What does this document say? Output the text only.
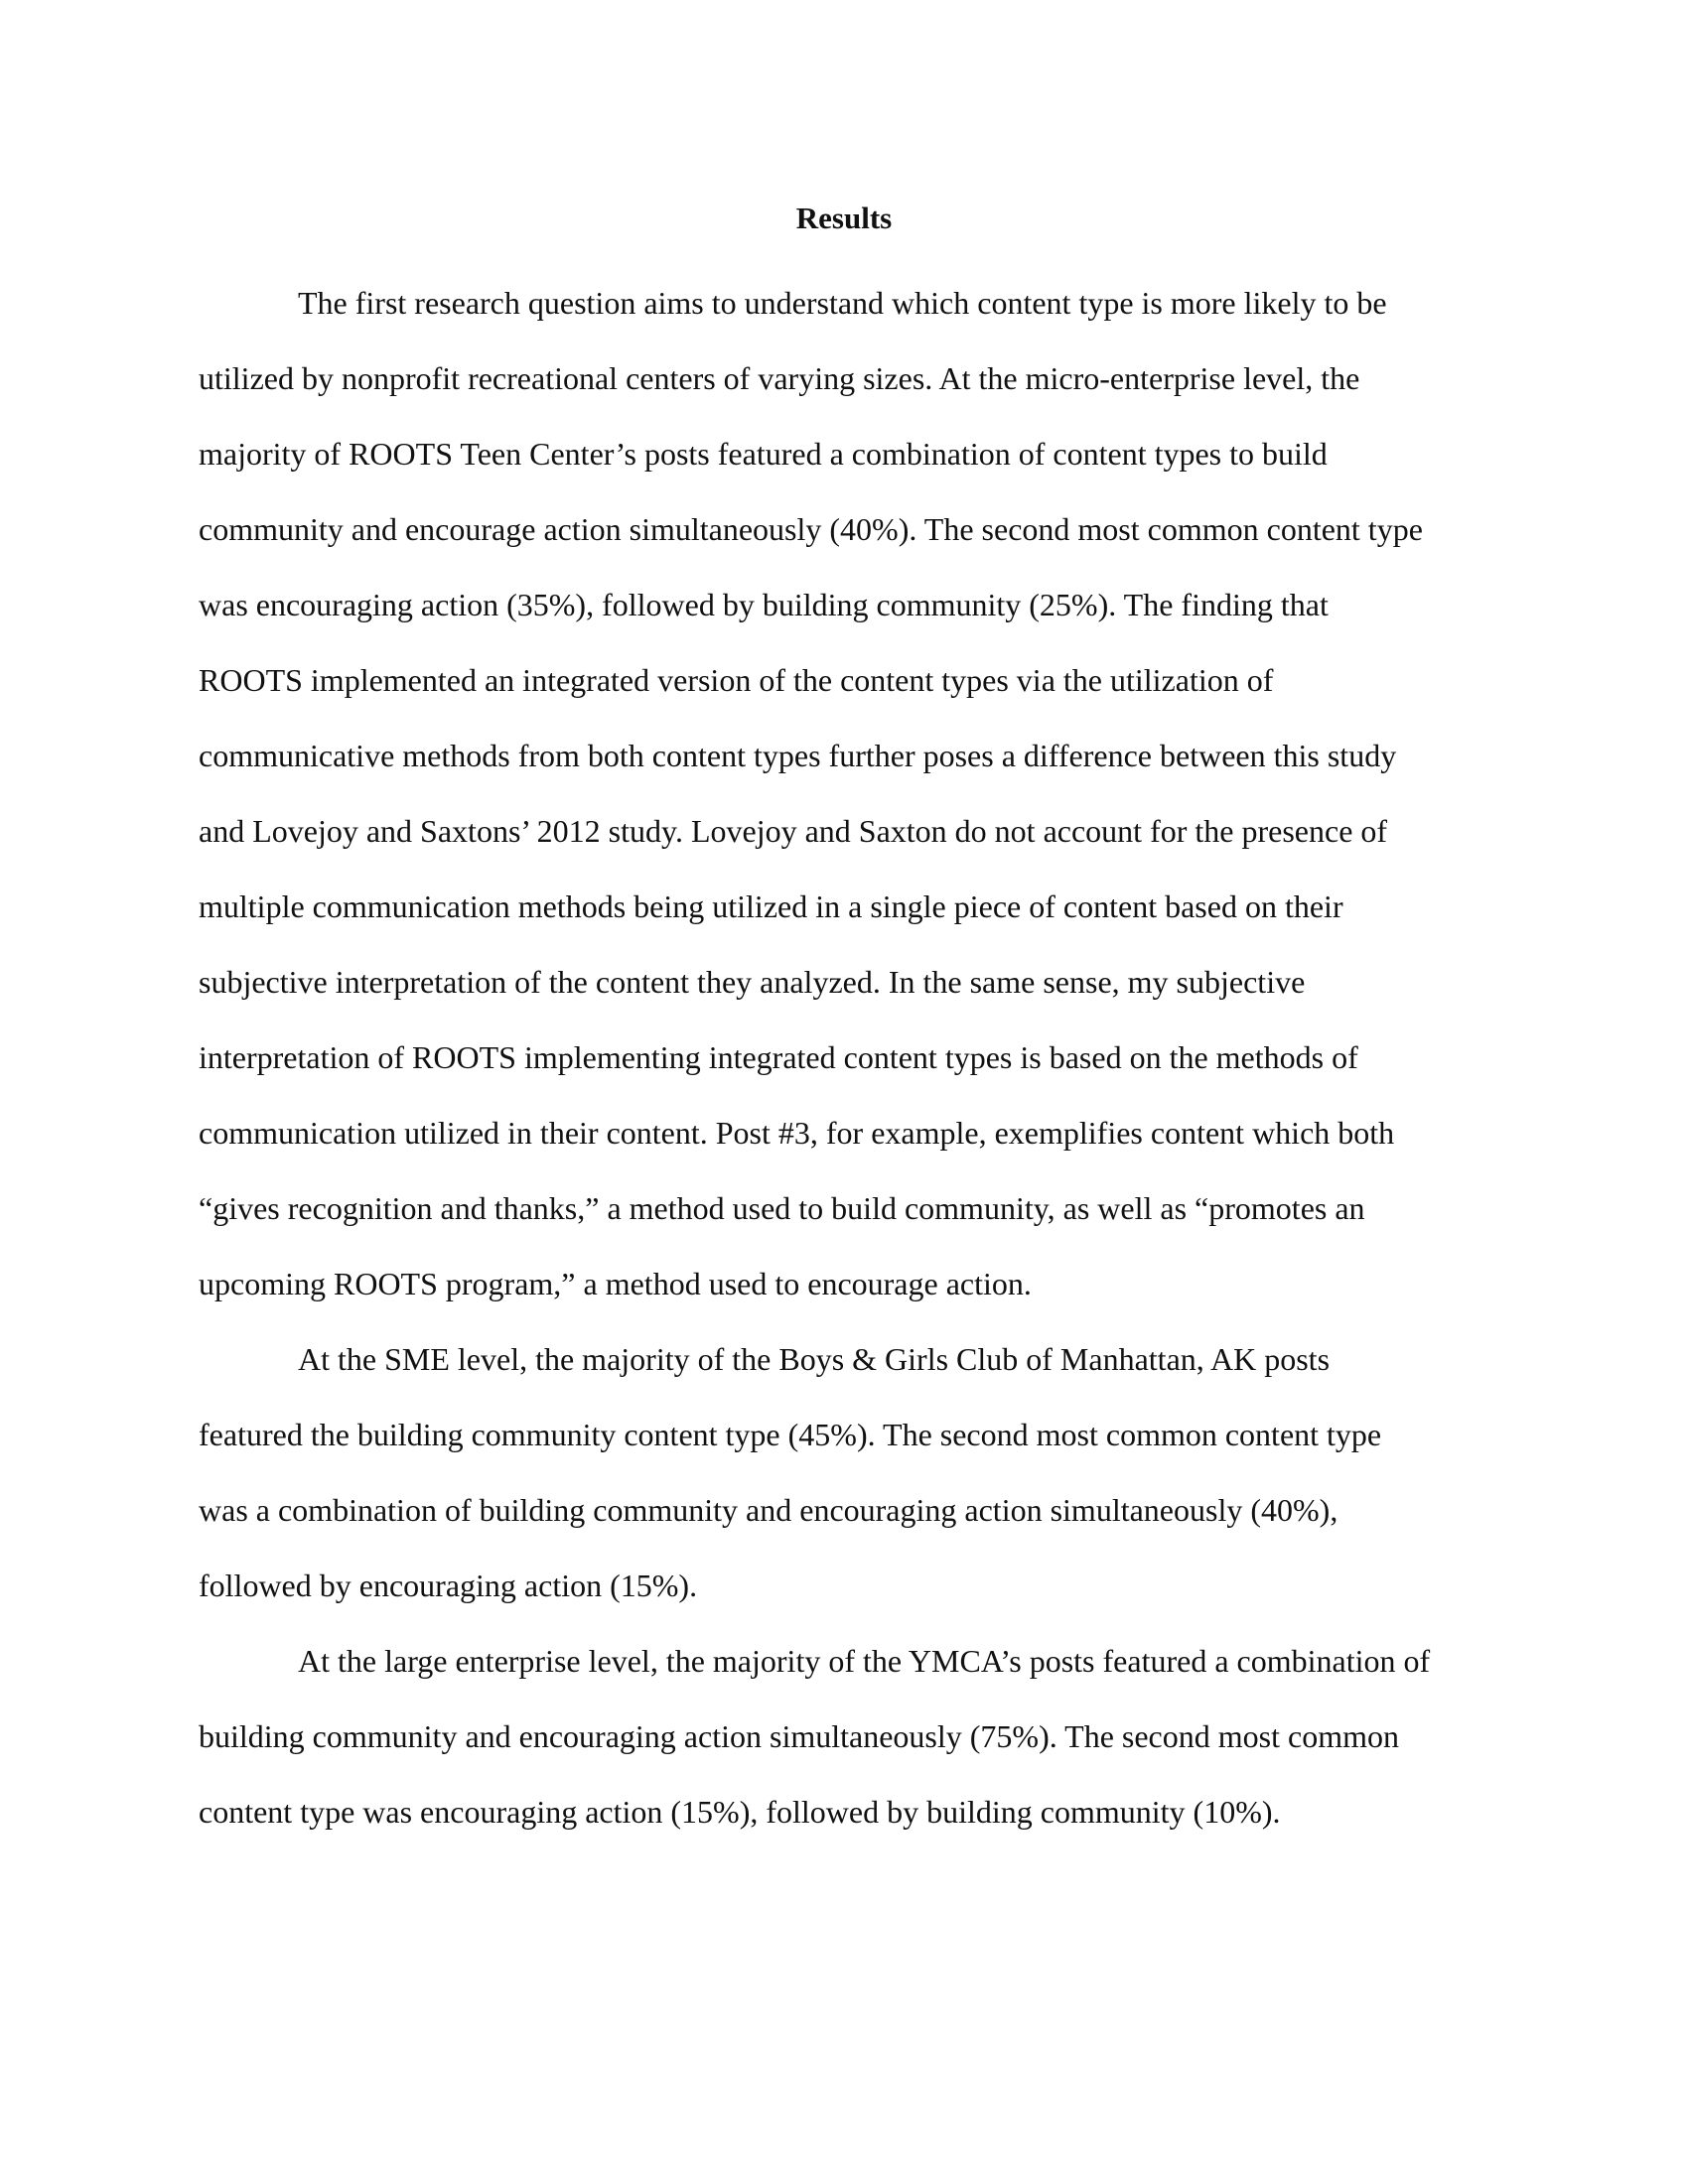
Results

The first research question aims to understand which content type is more likely to be

utilized by nonprofit recreational centers of varying sizes. At the micro-enterprise level, the

majority of ROOTS Teen Center’s posts featured a combination of content types to build

community and encourage action simultaneously (40%). The second most common content type

was encouraging action (35%), followed by building community (25%). The finding that

ROOTS implemented an integrated version of the content types via the utilization of

communicative methods from both content types further poses a difference between this study

and Lovejoy and Saxtons’ 2012 study. Lovejoy and Saxton do not account for the presence of

multiple communication methods being utilized in a single piece of content based on their

subjective interpretation of the content they analyzed. In the same sense, my subjective

interpretation of ROOTS implementing integrated content types is based on the methods of

communication utilized in their content. Post #3, for example, exemplifies content which both

“gives recognition and thanks,” a method used to build community, as well as “promotes an

upcoming ROOTS program,” a method used to encourage action.

At the SME level, the majority of the Boys & Girls Club of Manhattan, AK posts

featured the building community content type (45%). The second most common content type

was a combination of building community and encouraging action simultaneously (40%),

followed by encouraging action (15%).

At the large enterprise level, the majority of the YMCA’s posts featured a combination of

building community and encouraging action simultaneously (75%). The second most common

content type was encouraging action (15%), followed by building community (10%).
